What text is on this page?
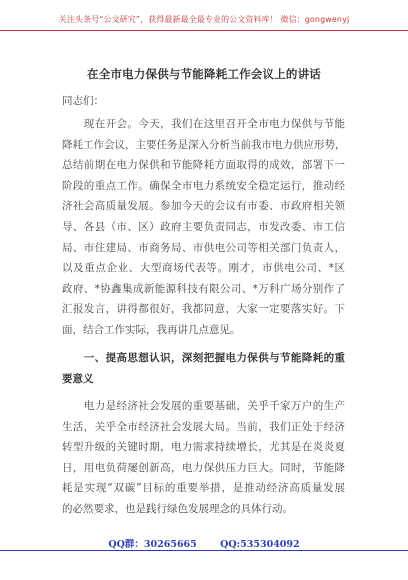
关注头条号“公文研究”，获得最新最全最专业的公文资料库！ 微信：gongwenyj
在全市电力保供与节能降耗工作会议上的讲话
同志们：
　　现在开会。今天，我们在这里召开全市电力保供与节能
降耗工作会议，主要任务是深入分析当前我市电力供应形势，
总结前期在电力保供和节能降耗方面取得的成效，部署下一
阶段的重点工作。确保全市电力系统安全稳定运行，推动经
济社会高质量发展。参加今天的会议有市委、市政府相关领
导、各县（市、区）政府主要负责同志，市发改委、市工信
局、市住建局、市商务局、市供电公司等相关部门负责人，
以及重点企业、大型商场代表等。刚才，市供电公司、*区
政府、*协鑫集成新能源科技有限公司、*万科广场分别作了
汇报发言，讲得都很好，我都同意，大家一定要落实好。下
面，结合工作实际，我再讲几点意见。
　　一、提高思想认识，深刻把握电力保供与节能降耗的重
要意义
　　电力是经济社会发展的重要基础，关乎千家万户的生产
生活，关乎全市经济社会发展大局。当前，我们正处于经济
转型升级的关键时期，电力需求持续增长，尤其是在炎炎夏
日，用电负荷屡创新高，电力保供压力巨大。同时，节能降
耗是实现“双碳”目标的重要举措，是推动经济高质量发展
的必然要求，也是践行绿色发展理念的具体行动。
QQ群：30265665 QQ:535304092
